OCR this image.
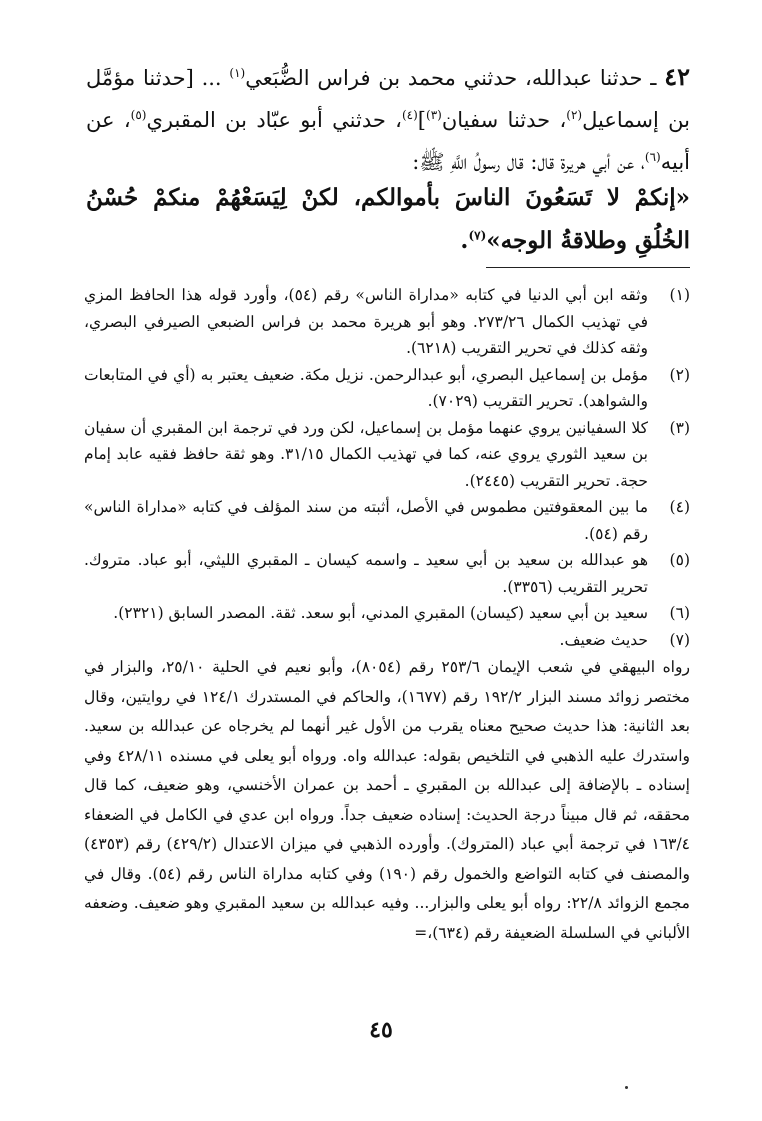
٤٢ ـ حدثنا عبدالله، حدثني محمد بن فراس الضُّبَعي$^{(١)}$ ... [حدثنا مؤمَّل بن إسماعيل$^{(٢)}$، حدثنا سفيان$^{(٣)}$]$^{(٤)}$، حدثني أبو عبّاد بن المقبري$^{(٥)}$، عن أبيه$^{(٦)}$، عن أبي هريرة قال: قال رسولُ اللَّهِ ﷺ:

«إنكمْ لا تَسَعُونَ الناسَ بأموالكم، لكنْ لِيَسَعْهُمْ منكمْ حُسْنُ الخُلُقِ وطلاقةُ الوجه»$^{(٧)}$.
(١)
وثقه ابن أبي الدنيا في كتابه «مداراة الناس» رقم (٥٤)، وأورد قوله هذا الحافظ المزي في تهذيب الكمال ٢٧٣/٢٦. وهو أبو هريرة محمد بن فراس الضبعي الصيرفي البصري، وثقه كذلك في تحرير التقريب (٦٢١٨).
(٢)
مؤمل بن إسماعيل البصري، أبو عبدالرحمن. نزيل مكة. ضعيف يعتبر به (أي في المتابعات والشواهد). تحرير التقريب (٧٠٢٩).
(٣)
كلا السفيانين يروي عنهما مؤمل بن إسماعيل، لكن ورد في ترجمة ابن المقبري أن سفيان بن سعيد الثوري يروي عنه، كما في تهذيب الكمال ٣١/١٥. وهو ثقة حافظ فقيه عابد إمام حجة. تحرير التقريب (٢٤٤٥).
(٤)
ما بين المعقوفتين مطموس في الأصل، أثبته من سند المؤلف في كتابه «مداراة الناس» رقم (٥٤).
(٥)
هو عبدالله بن سعيد بن أبي سعيد ـ واسمه كيسان ـ المقبري الليثي، أبو عباد. متروك. تحرير التقريب (٣٣٥٦).
(٦)
سعيد بن أبي سعيد (كيسان) المقبري المدني، أبو سعد. ثقة. المصدر السابق (٢٣٢١).
(٧)
حديث ضعيف.

رواه البيهقي في شعب الإيمان ٢٥٣/٦ رقم (٨٠٥٤)، وأبو نعيم في الحلية ٢٥/١٠، والبزار في مختصر زوائد مسند البزار ١٩٢/٢ رقم (١٦٧٧)، والحاكم في المستدرك ١٢٤/١ في روايتين، وقال بعد الثانية: هذا حديث صحيح معناه يقرب من الأول غير أنهما لم يخرجاه عن عبدالله بن سعيد. واستدرك عليه الذهبي في التلخيص بقوله: عبدالله واه. ورواه أبو يعلى في مسنده ٤٢٨/١١ وفي إسناده ـ بالإضافة إلى عبدالله بن المقبري ـ أحمد بن عمران الأخنسي، وهو ضعيف، كما قال محققه، ثم قال مبيناً درجة الحديث: إسناده ضعيف جداً. ورواه ابن عدي في الكامل في الضعفاء ١٦٣/٤ في ترجمة أبي عباد (المتروك). وأورده الذهبي في ميزان الاعتدال (٤٢٩/٢) رقم (٤٣٥٣) والمصنف في كتابه التواضع والخمول رقم (١٩٠) وفي كتابه مداراة الناس رقم (٥٤). وقال في مجمع الزوائد ٢٢/٨: رواه أبو يعلى والبزار... وفيه عبدالله بن سعيد المقبري وهو ضعيف. وضعفه الألباني في السلسلة الضعيفة رقم (٦٣٤)،=

٤٥
